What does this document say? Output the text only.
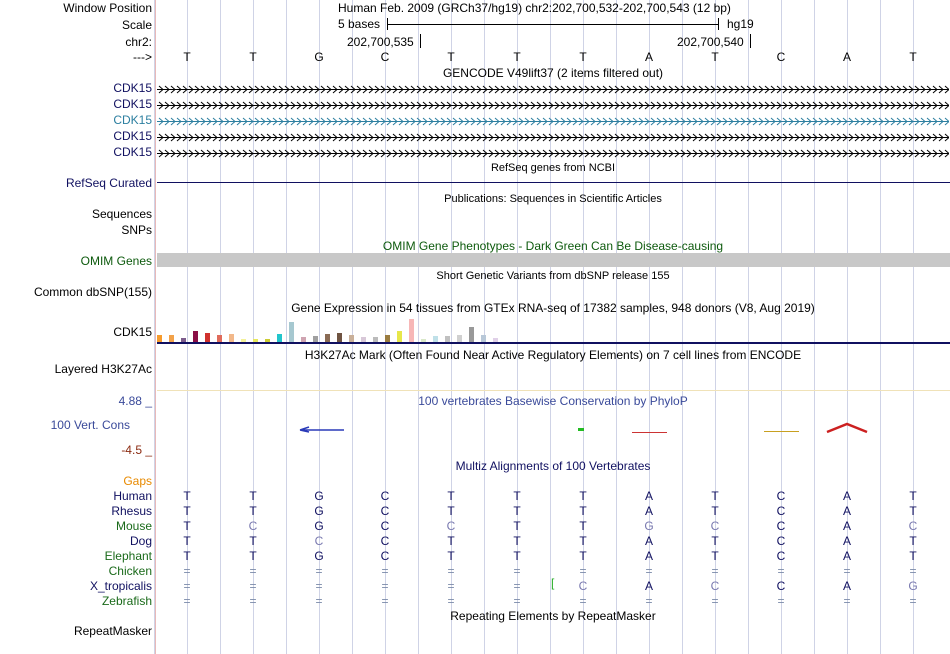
Window Position	Human Feb. 2009 (GRCh37/hg19) chr2:202,700,532-202,700,543 (12 bp)
Scale	5 bases	hg19
chr2:	202,700,535	202,700,540
--->	T	T	G	C	T	T	T	A	T	C	A	T
GENCODE V49lift37 (2 items filtered out)
CDK15
CDK15
CDK15
CDK15
CDK15
RefSeq genes from NCBI
RefSeq Curated
Publications: Sequences in Scientific Articles
Sequences
SNPs
OMIM Gene Phenotypes - Dark Green Can Be Disease-causing
OMIM Genes
Short Genetic Variants from dbSNP release 155
Common dbSNP(155)
Gene Expression in 54 tissues from GTEx RNA-seq of 17382 samples, 948 donors (V8, Aug 2019)
CDK15
H3K27Ac Mark (Often Found Near Active Regulatory Elements) on 7 cell lines from ENCODE
Layered H3K27Ac
4.88 _	100 vertebrates Basewise Conservation by PhyloP
100 Vert. Cons
-4.5 _
Multiz Alignments of 100 Vertebrates
Gaps
Human	T	T	G	C	T	T	T	A	T	C	A	T
Rhesus	T	T	G	C	T	T	T	A	T	C	A	T
Mouse	T	C	G	C	C	T	T	G	C	C	A	C
Dog	T	T	C	C	T	T	T	A	T	C	A	T
Elephant	T	T	G	C	T	T	T	A	T	C	A	T
Chicken	=	=	=	=	=	=	=	=	=	=	=	=
X_tropicalis	=	=	=	=	=	=	C	A	C	C	A	G
Zebrafish	=	=	=	=	=	=	=	=	=	=	=	=
[
Repeating Elements by RepeatMasker
RepeatMasker
